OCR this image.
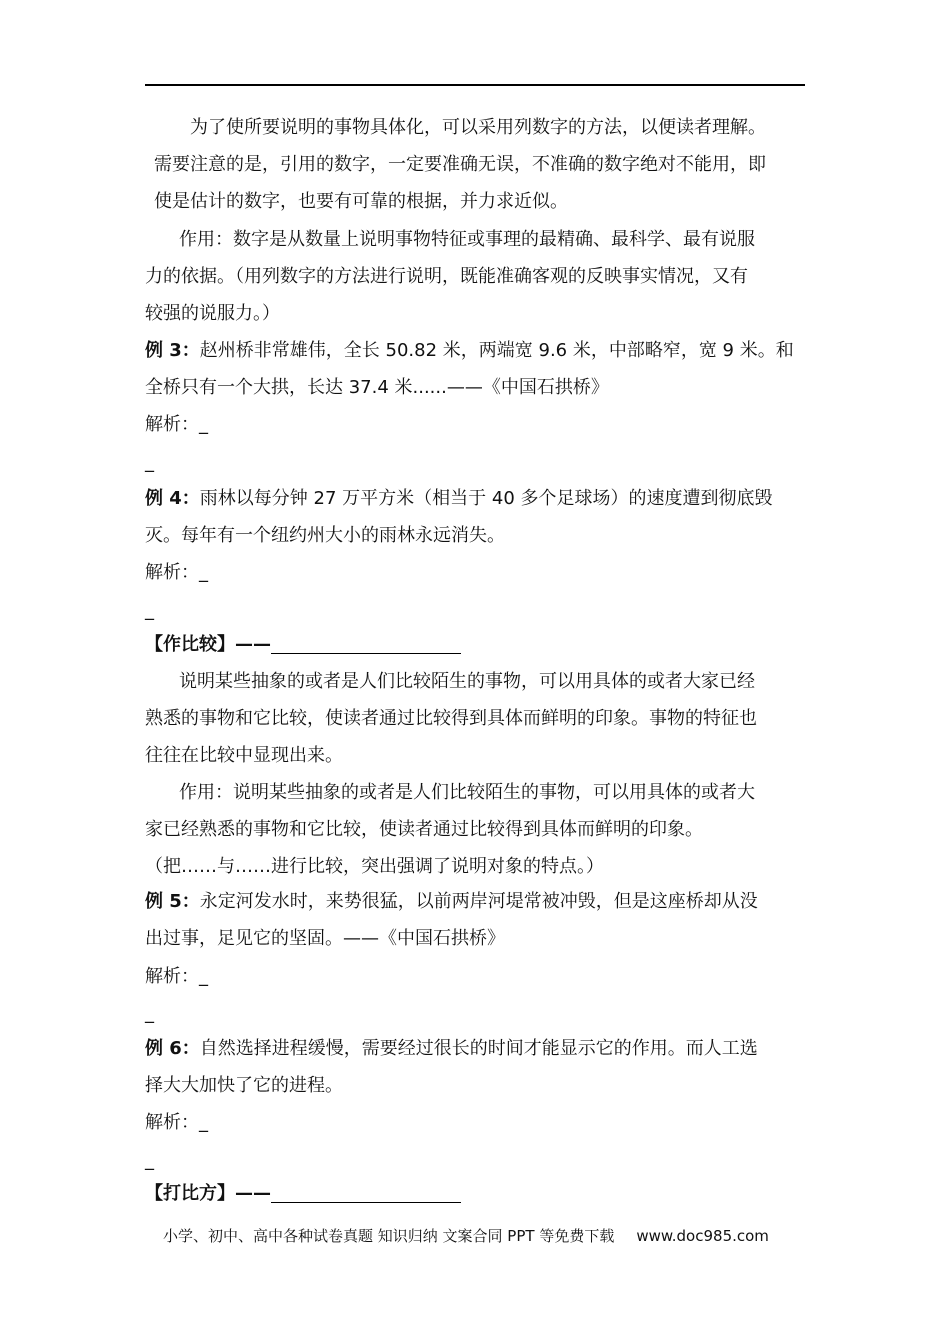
为了使所要说明的事物具体化，可以采用列数字的方法，以便读者理解。
需要注意的是，引用的数字，一定要准确无误，不准确的数字绝对不能用，即
使是估计的数字，也要有可靠的根据，并力求近似。
作用：数字是从数量上说明事物特征或事理的最精确、最科学、最有说服
力的依据。（用列数字的方法进行说明，既能准确客观的反映事实情况，又有
较强的说服力。）
例 3：赵州桥非常雄伟，全长 50.82 米，两端宽 9.6 米，中部略窄，宽 9 米。和
全桥只有一个大拱，长达 37.4 米......——《中国石拱桥》
解析：_
_
例 4：雨林以每分钟 27 万平方米（相当于 40 多个足球场）的速度遭到彻底毁
灭。每年有一个纽约州大小的雨林永远消失。
解析：_
_
【作比较】——
说明某些抽象的或者是人们比较陌生的事物，可以用具体的或者大家已经
熟悉的事物和它比较，使读者通过比较得到具体而鲜明的印象。事物的特征也
往往在比较中显现出来。
作用：说明某些抽象的或者是人们比较陌生的事物，可以用具体的或者大
家已经熟悉的事物和它比较，使读者通过比较得到具体而鲜明的印象。
（把……与……进行比较，突出强调了说明对象的特点。）
例 5：永定河发水时，来势很猛，以前两岸河堤常被冲毁，但是这座桥却从没
出过事，足见它的坚固。——《中国石拱桥》
解析：_
_
例 6：自然选择进程缓慢，需要经过很长的时间才能显示它的作用。而人工选
择大大加快了它的进程。
解析：_
_
【打比方】——
小学、初中、高中各种试卷真题 知识归纳 文案合同 PPT 等免费下载 www.doc985.com
